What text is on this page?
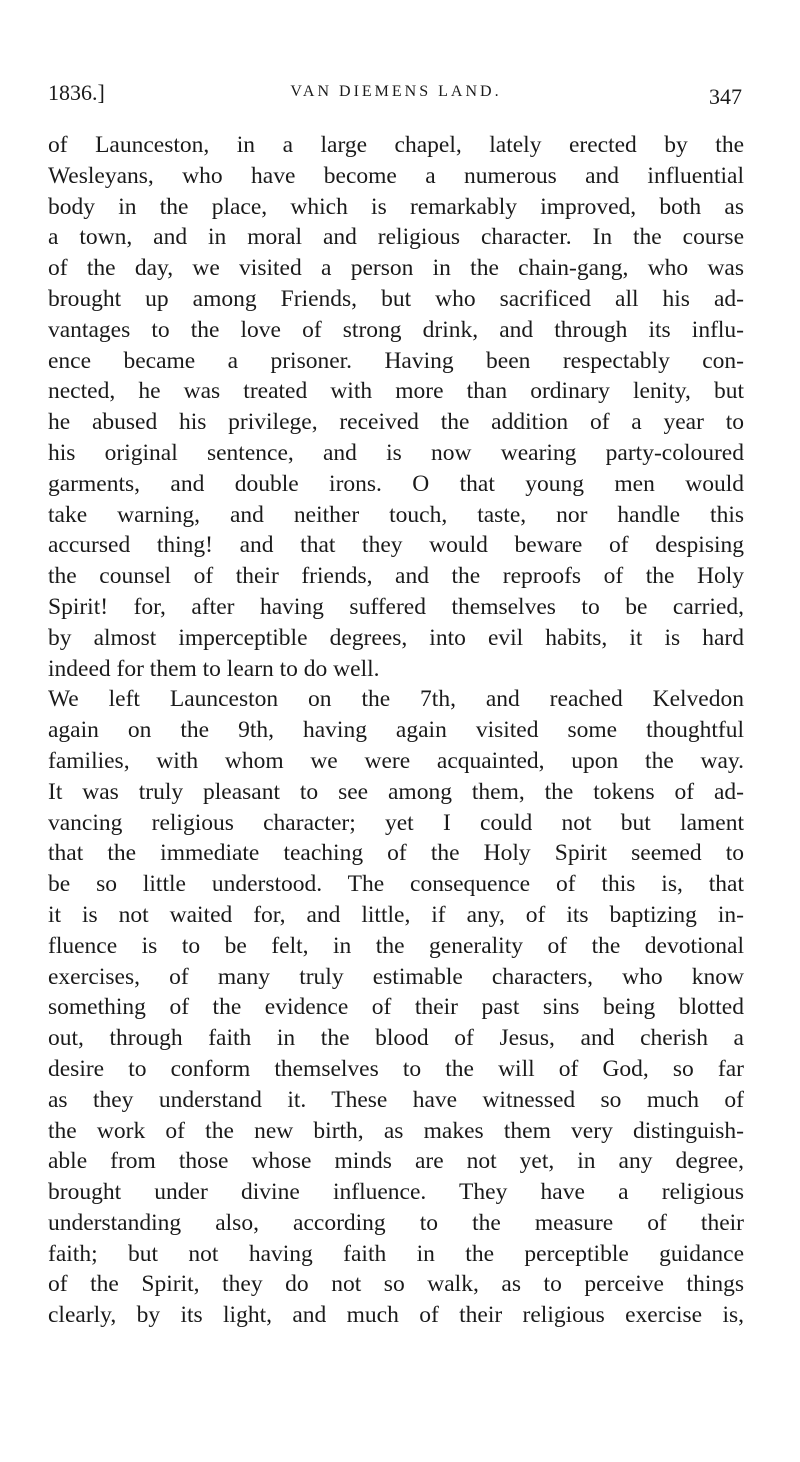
1836.]	VAN DIEMENS LAND.	347
of Launceston, in a large chapel, lately erected by the
Wesleyans, who have become a numerous and influential
body in the place, which is remarkably improved, both as
a town, and in moral and religious character. In the course
of the day, we visited a person in the chain-gang, who was
brought up among Friends, but who sacrificed all his ad-
vantages to the love of strong drink, and through its influ-
ence became a prisoner. Having been respectably con-
nected, he was treated with more than ordinary lenity, but
he abused his privilege, received the addition of a year to
his original sentence, and is now wearing party-coloured
garments, and double irons. O that young men would
take warning, and neither touch, taste, nor handle this
accursed thing! and that they would beware of despising
the counsel of their friends, and the reproofs of the Holy
Spirit! for, after having suffered themselves to be carried,
by almost imperceptible degrees, into evil habits, it is hard
indeed for them to learn to do well.
We left Launceston on the 7th, and reached Kelvedon
again on the 9th, having again visited some thoughtful
families, with whom we were acquainted, upon the way.
It was truly pleasant to see among them, the tokens of ad-
vancing religious character; yet I could not but lament
that the immediate teaching of the Holy Spirit seemed to
be so little understood. The consequence of this is, that
it is not waited for, and little, if any, of its baptizing in-
fluence is to be felt, in the generality of the devotional
exercises, of many truly estimable characters, who know
something of the evidence of their past sins being blotted
out, through faith in the blood of Jesus, and cherish a
desire to conform themselves to the will of God, so far
as they understand it. These have witnessed so much of
the work of the new birth, as makes them very distinguish-
able from those whose minds are not yet, in any degree,
brought under divine influence. They have a religious
understanding also, according to the measure of their
faith; but not having faith in the perceptible guidance
of the Spirit, they do not so walk, as to perceive things
clearly, by its light, and much of their religious exercise is,
